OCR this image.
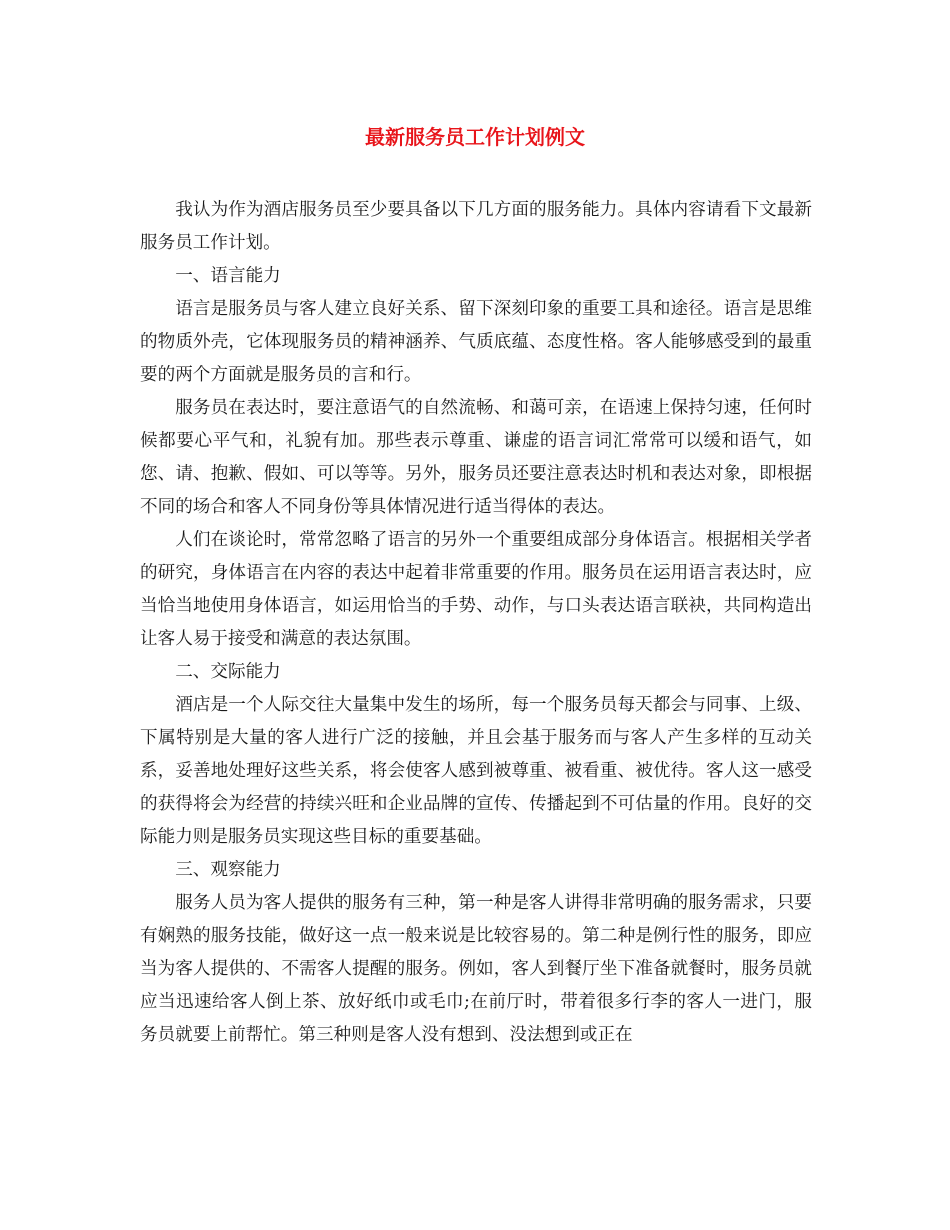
最新服务员工作计划例文

我认为作为酒店服务员至少要具备以下几方面的服务能力。具体内容请看下文最新服务员工作计划。

一、语言能力

语言是服务员与客人建立良好关系、留下深刻印象的重要工具和途径。语言是思维的物质外壳，它体现服务员的精神涵养、气质底蕴、态度性格。客人能够感受到的最重要的两个方面就是服务员的言和行。

服务员在表达时，要注意语气的自然流畅、和蔼可亲，在语速上保持匀速，任何时候都要心平气和，礼貌有加。那些表示尊重、谦虚的语言词汇常常可以缓和语气，如您、请、抱歉、假如、可以等等。另外，服务员还要注意表达时机和表达对象，即根据不同的场合和客人不同身份等具体情况进行适当得体的表达。

人们在谈论时，常常忽略了语言的另外一个重要组成部分身体语言。根据相关学者的研究，身体语言在内容的表达中起着非常重要的作用。服务员在运用语言表达时，应当恰当地使用身体语言，如运用恰当的手势、动作，与口头表达语言联袂，共同构造出让客人易于接受和满意的表达氛围。

二、交际能力

酒店是一个人际交往大量集中发生的场所，每一个服务员每天都会与同事、上级、下属特别是大量的客人进行广泛的接触，并且会基于服务而与客人产生多样的互动关系，妥善地处理好这些关系，将会使客人感到被尊重、被看重、被优待。客人这一感受的获得将会为经营的持续兴旺和企业品牌的宣传、传播起到不可估量的作用。良好的交际能力则是服务员实现这些目标的重要基础。

三、观察能力

服务人员为客人提供的服务有三种，第一种是客人讲得非常明确的服务需求，只要有娴熟的服务技能，做好这一点一般来说是比较容易的。第二种是例行性的服务，即应当为客人提供的、不需客人提醒的服务。例如，客人到餐厅坐下准备就餐时，服务员就应当迅速给客人倒上茶、放好纸巾或毛巾;在前厅时，带着很多行李的客人一进门，服务员就要上前帮忙。第三种则是客人没有想到、没法想到或正在
